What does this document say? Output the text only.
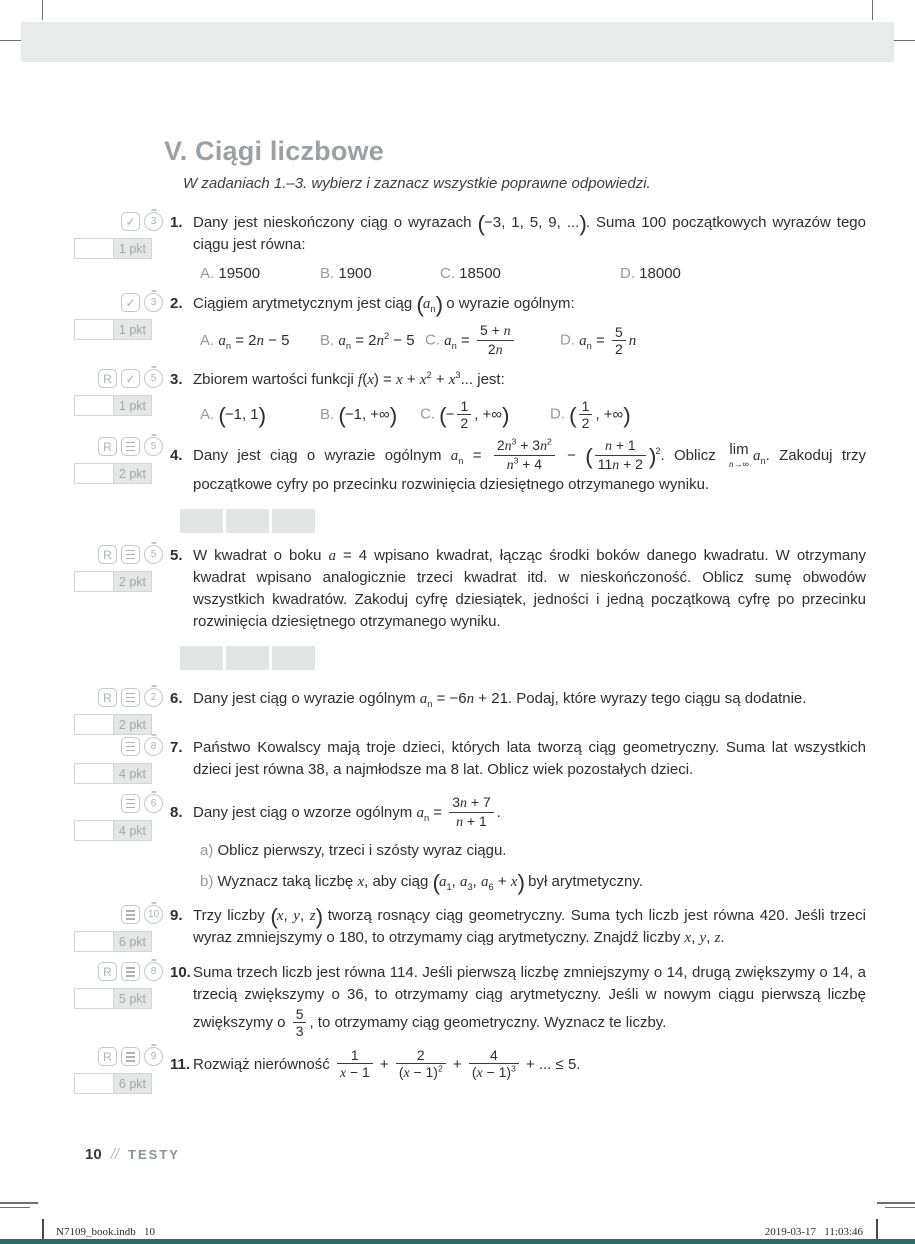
V. Ciągi liczbowe
W zadaniach 1.–3. wybierz i zaznacz wszystkie poprawne odpowiedzi.
✓	3
1 pkt
1. Dany jest nieskończony ciąg o wyrazach (−3, 1, 5, 9, ...). Suma 100 początkowych wyrazów tego ciągu jest równa:
A. 19500	B. 1900	C. 18500	D. 18000
✓	3
1 pkt
2. Ciągiem arytmetycznym jest ciąg $(a_n)$ o wyrazie ogólnym:
A. $a_n = 2n - 5$	B. $a_n = 2n^2 - 5$ C. $a_n = \frac{5 + n}{2n}$	D. $a_n = \frac{5}{2}$ n
R	✓	5
1 pkt
3. Zbiorem wartości funkcji $f(x) = x + x^2 + x^3$... jest:
A. (−1, 1)	B. (−1, +∞)	C. (− $\frac{1}{2}$ , +∞)	D. ( $\frac{1}{2}$ , +∞)
R	5
2 pkt
4. Dany jest ciąg o wyrazie ogólnym $a_n = \frac{2n^3 + 3n^2}{n^3 + 4}$ − ( $\frac{n + 1}{11n + 2} )^2$. Oblicz lim
n→∞
$a_n$. Zakoduj trzy początkowe cyfry po przecinku rozwinięcia dziesiętnego otrzymanego wyniku.
R	5
2 pkt
5. W kwadrat o boku a = 4 wpisano kwadrat, łącząc środki boków danego kwadratu. W otrzymany kwadrat wpisano analogicznie trzeci kwadrat itd. w nieskończoność. Oblicz sumę obwodów wszystkich kwadratów. Zakoduj cyfrę dziesiątek, jedności i jedną początkową cyfrę po przecinku rozwinięcia dziesiętnego otrzymanego wyniku.
R	2
2 pkt
6. Dany jest ciąg o wyrazie ogólnym $a_n = -6n + 21$. Podaj, które wyrazy tego ciągu są dodatnie.
8
4 pkt
7. Państwo Kowalscy mają troje dzieci, których lata tworzą ciąg geometryczny. Suma lat wszystkich dzieci jest równa 38, a najmłodsze ma 8 lat. Oblicz wiek pozostałych dzieci.
6
4 pkt
8. Dany jest ciąg o wzorze ogólnym $a_n = \frac{3n + 7}{n + 1}$ .
a) Oblicz pierwszy, trzeci i szósty wyraz ciągu.
b) Wyznacz taką liczbę x, aby ciąg ($a_1$, $a_3$, $a_6 + x$) był arytmetyczny.
10
6 pkt
9. Trzy liczby (x, y, z) tworzą rosnący ciąg geometryczny. Suma tych liczb jest równa 420. Jeśli trzeci wyraz zmniejszymy o 180, to otrzymamy ciąg arytmetyczny. Znajdź liczby x, y, z.
R	8
5 pkt
10. Suma trzech liczb jest równa 114. Jeśli pierwszą liczbę zmniejszymy o 14, drugą zwiększymy o 14, a trzecią zwiększymy o 36, to otrzymamy ciąg arytmetyczny. Jeśli w nowym ciągu pierwszą liczbę zwiększymy o $\frac{5}{3}$ , to otrzymamy ciąg geometryczny. Wyznacz te liczby.
R	9
6 pkt
11. Rozwiąż nierówność $\frac{1}{x - 1} + \frac{2}{(x - 1)^2} + \frac{4}{(x - 1)^3}$ + ... ≤ 5.
10 // TESTY
N7109_book.indb   10	2019-03-17   11:03:46
